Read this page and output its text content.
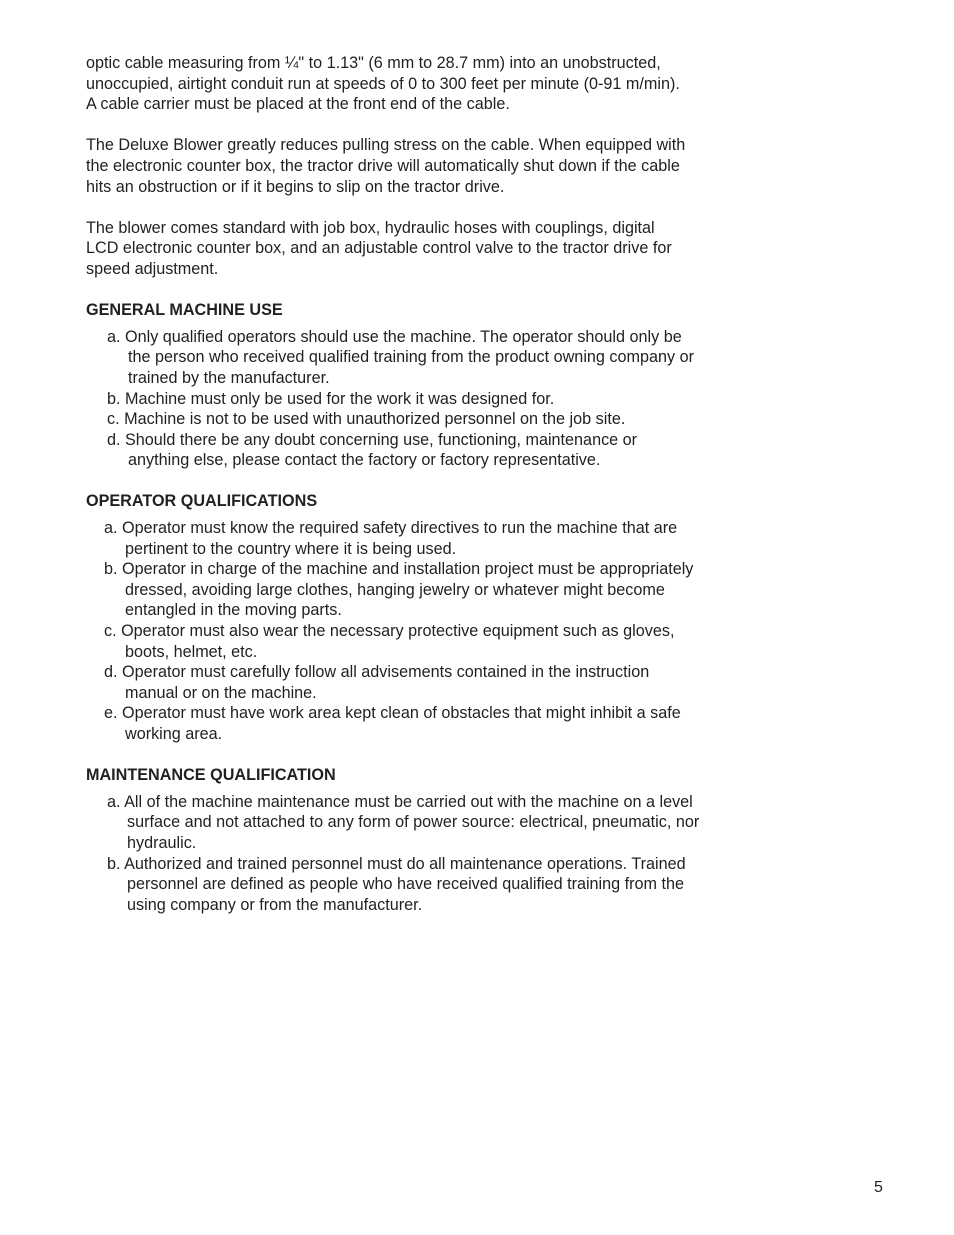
optic cable measuring from ¼" to 1.13" (6 mm to 28.7 mm) into an unobstructed,
unoccupied, airtight conduit run at speeds of 0 to 300 feet per minute (0-91 m/min).
A cable carrier must be placed at the front end of the cable.

The Deluxe Blower greatly reduces pulling stress on the cable. When equipped with
the electronic counter box, the tractor drive will automatically shut down if the cable
hits an obstruction or if it begins to slip on the tractor drive.

The blower comes standard with job box, hydraulic hoses with couplings, digital
LCD electronic counter box, and an adjustable control valve to the tractor drive for
speed adjustment.

GENERAL MACHINE USE
a. Only qualified operators should use the machine. The operator should only be
the person who received qualified training from the product owning company or
trained by the manufacturer.
b. Machine must only be used for the work it was designed for.
c. Machine is not to be used with unauthorized personnel on the job site.
d. Should there be any doubt concerning use, functioning, maintenance or
anything else, please contact the factory or factory representative.
OPERATOR QUALIFICATIONS
a. Operator must know the required safety directives to run the machine that are
pertinent to the country where it is being used.
b. Operator in charge of the machine and installation project must be appropriately
dressed, avoiding large clothes, hanging jewelry or whatever might become
entangled in the moving parts.
c. Operator must also wear the necessary protective equipment such as gloves,
boots, helmet, etc.
d. Operator must carefully follow all advisements contained in the instruction
manual or on the machine.
e. Operator must have work area kept clean of obstacles that might inhibit a safe
working area.
MAINTENANCE QUALIFICATION
a. All of the machine maintenance must be carried out with the machine on a level
surface and not attached to any form of power source: electrical, pneumatic, nor
hydraulic.
b. Authorized and trained personnel must do all maintenance operations. Trained
personnel are defined as people who have received qualified training from the
using company or from the manufacturer.
5
